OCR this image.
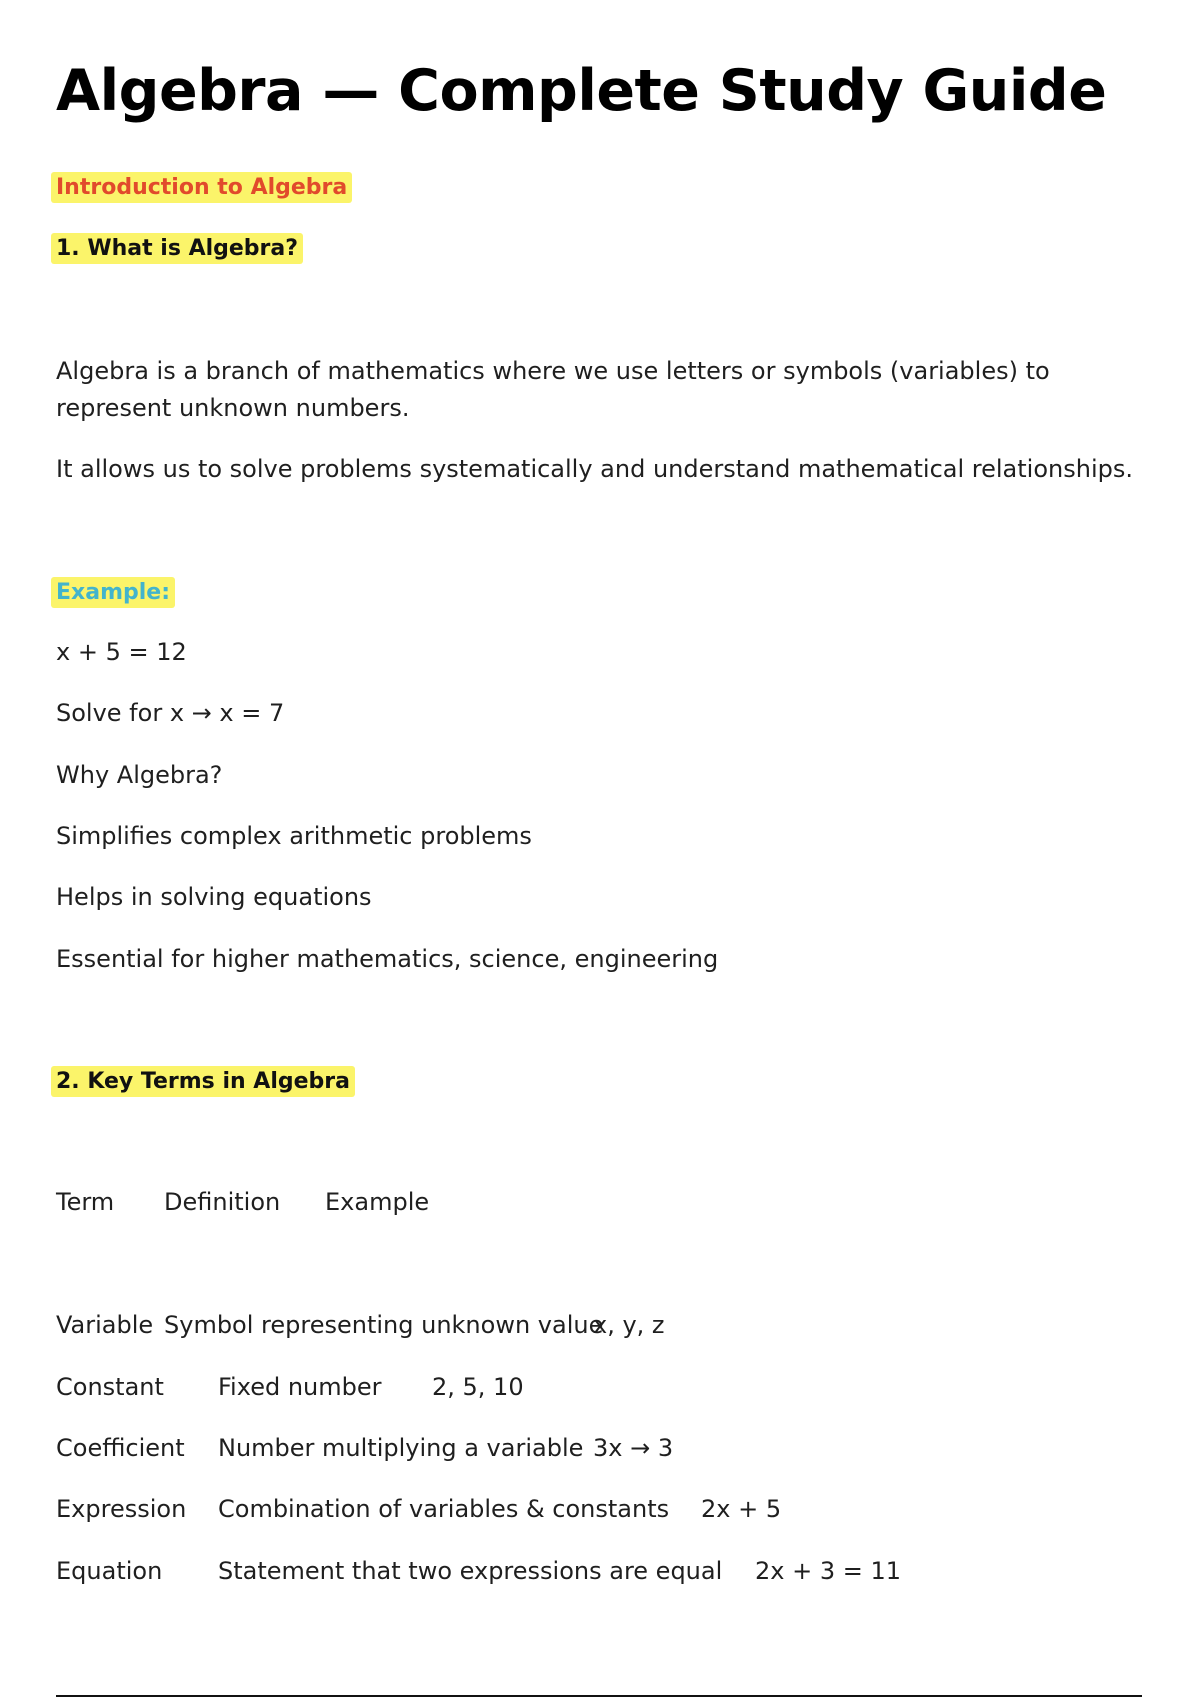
Algebra — Complete Study Guide
Introduction to Algebra
1. What is Algebra?
Algebra is a branch of mathematics where we use letters or symbols (variables) to represent unknown numbers.
It allows us to solve problems systematically and understand mathematical relationships.
Example:
x + 5 = 12
Solve for x → x = 7
Why Algebra?
Simplifies complex arithmetic problems
Helps in solving equations
Essential for higher mathematics, science, engineering
2. Key Terms in Algebra
Term Definition Example
Variable Symbol representing unknown value
x, y, z
Constant Fixed number 2, 5, 10
Coefficient Number multiplying a variable 3x → 3
Expression Combination of variables & constants 2x + 5
Equation Statement that two expressions are equal 2x + 3 = 11
